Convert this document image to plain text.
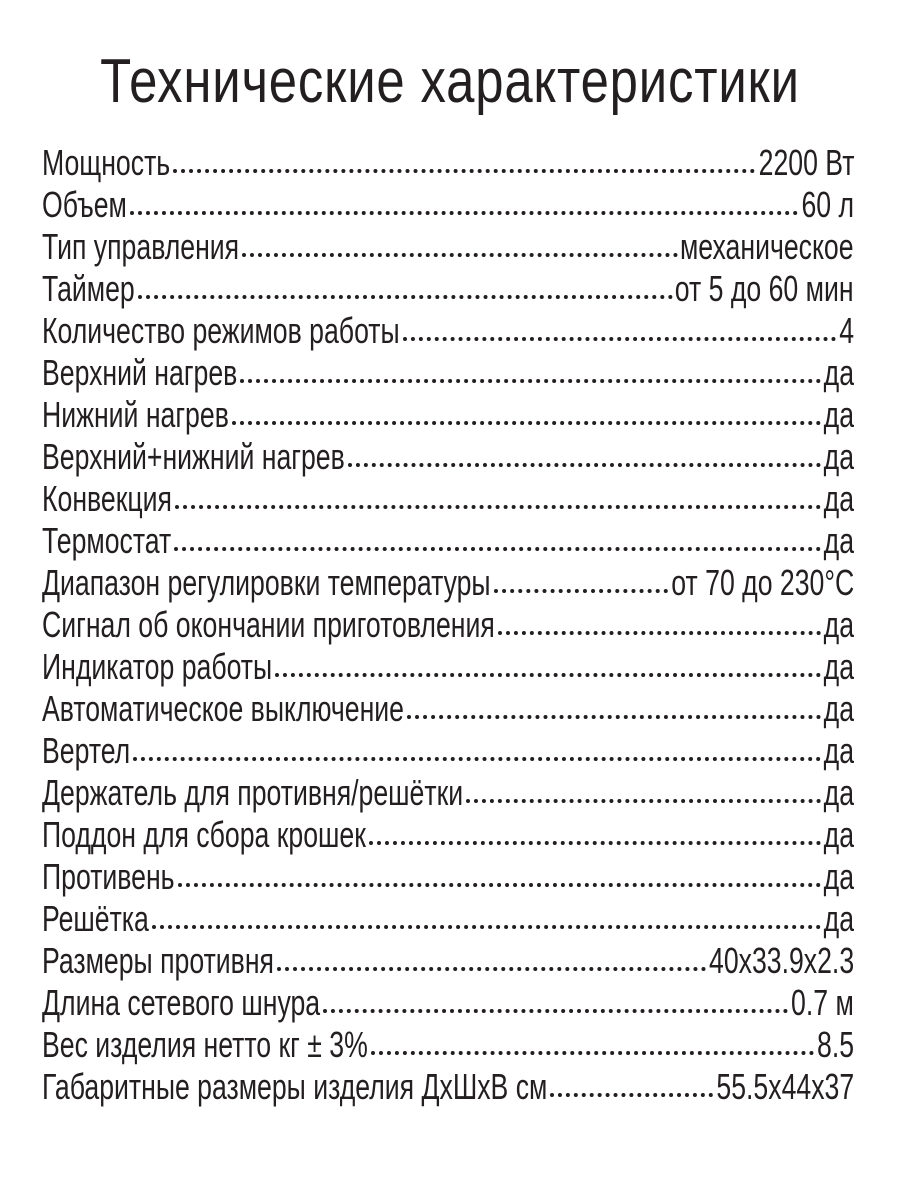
Технические характеристики
Мощность	2200 Вт
Объем	60 л
Тип управления	механическое
Таймер	от 5 до 60 мин
Количество режимов работы	4
Верхний нагрев	да
Нижний нагрев	да
Верхний+нижний нагрев	да
Конвекция	да
Термостат	да
Диапазон регулировки температуры	от 70 до 230°С
Сигнал об окончании приготовления	да
Индикатор работы	да
Автоматическое выключение	да
Вертел	да
Держатель для противня/решётки	да
Поддон для сбора крошек	да
Противень	да
Решётка	да
Размеры противня	40x33.9x2.3
Длина сетевого шнура	0.7 м
Вес изделия нетто кг ± 3%	8.5
Габаритные размеры изделия ДхШхВ см	55.5x44x37
